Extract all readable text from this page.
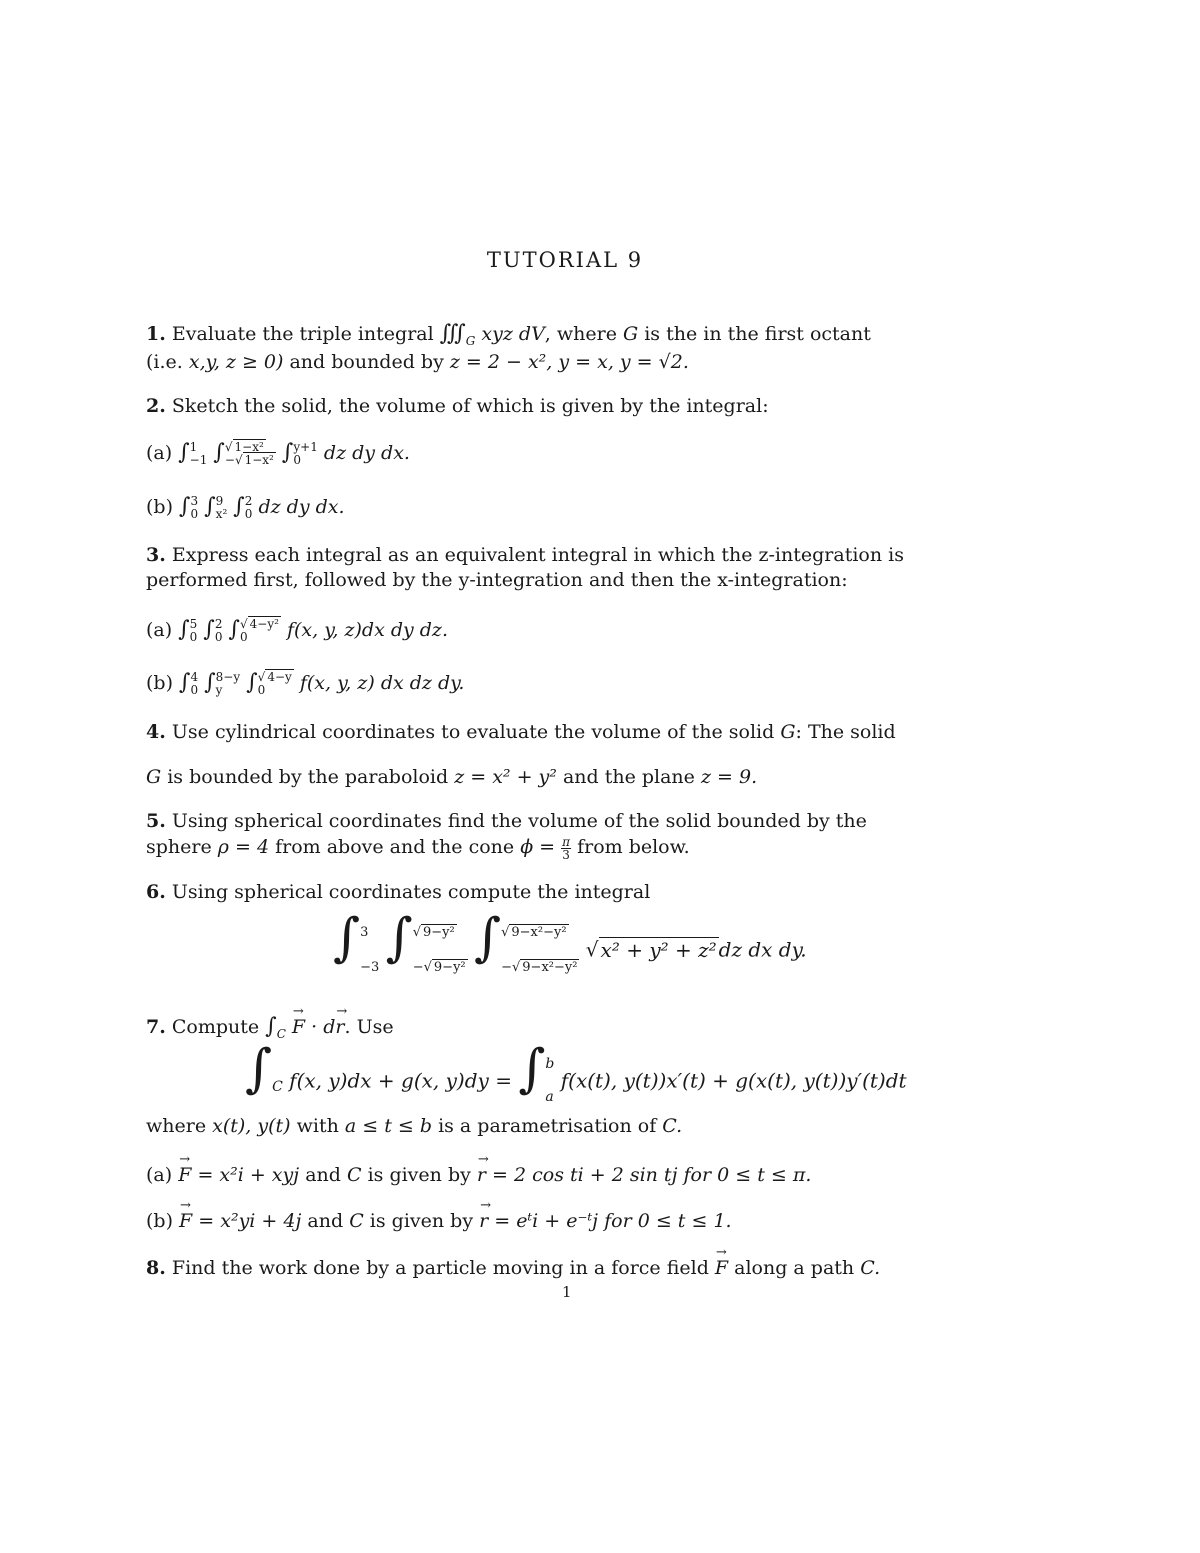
TUTORIAL 9
1. Evaluate the triple integral $∭_G$ xyz dV, where G is the in the first octant
(i.e. x,y, z ≥ 0) and bounded by z = 2 − x², y = x, y = √2.
2. Sketch the solid, the volume of which is given by the integral:
(a) ∫ 1
−1 ∫ √ 1−x²
−√ 1−x² ∫ y+1
0	dz dy dx.
(b) ∫ 3
0 ∫ 9
x² ∫ 2
0 dz dy dx.
3. Express each integral as an equivalent integral in which the z-integration is
performed first, followed by the y-integration and then the x-integration:
(a) ∫ 5
0 ∫ 2
0 ∫ √ 4−y²
0	f(x, y, z)dx dy dz.
(b) ∫ 4
0 ∫ 8−y
y	∫ √ 4−y
0	f(x, y, z) dx dz dy.
4. Use cylindrical coordinates to evaluate the volume of the solid G: The solid
G is bounded by the paraboloid z = x² + y² and the plane z = 9.
5. Using spherical coordinates find the volume of the solid bounded by the
sphere ρ = 4 from above and the cone $\phi = \frac{\pi}{3}$ from below.
6. Using spherical coordinates compute the integral
∫ 3
−3 ∫ √ 9−y²
−√ 9−y² ∫ √ 9−x²−y²
−√ 9−x²−y²
√ x² + y² + z² dz dx dy.
7. Compute $\int_C \to F \cdot d\to r$. Use
$\int_C$ f(x, y)dx + g(x, y)dy = ∫ b
a
f(x(t), y(t))x′(t) + g(x(t), y(t))y′(t)dt
where x(t), y(t) with a ≤ t ≤ b is a parametrisation of C.
(a) → F = x²i + xyj and C is given by → r = 2 cos ti + 2 sin tj for 0 ≤ t ≤ π.
(b) → F = x²yi + 4j and C is given by → r = eᵗi + e⁻ᵗj for 0 ≤ t ≤ 1.
8. Find the work done by a particle moving in a force field → F along a path C.
1
